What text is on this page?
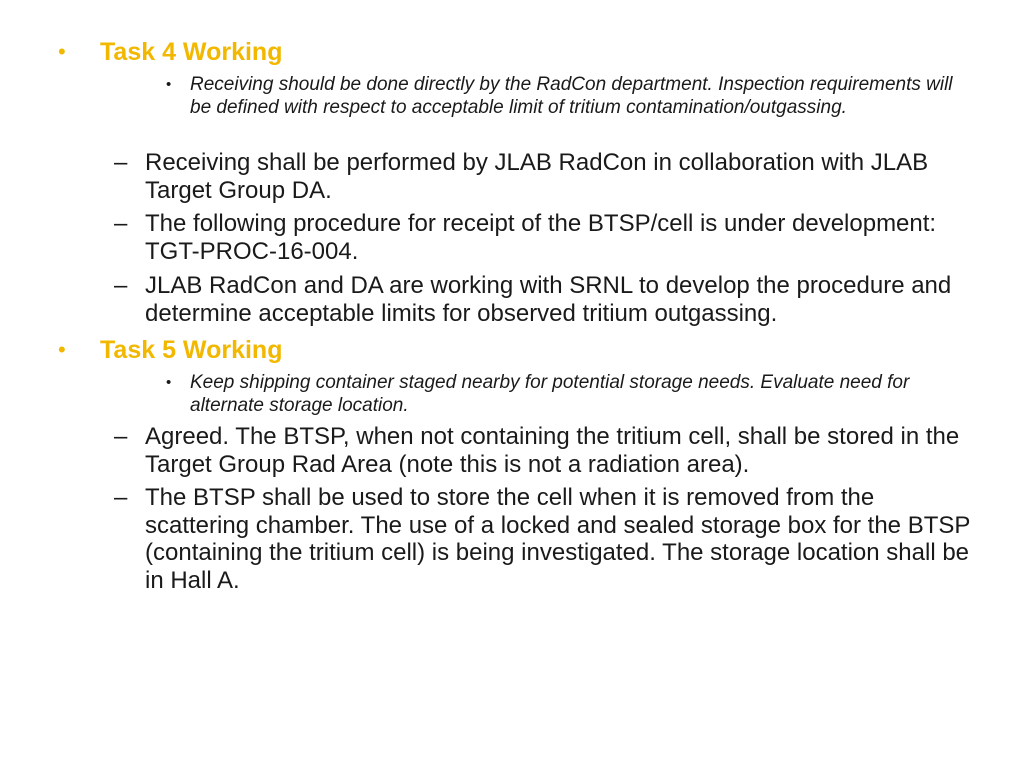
•	Task 4 Working
• Receiving should be done directly by the RadCon department. Inspection requirements will be defined with respect to acceptable limit of tritium contamination/outgassing.
– Receiving shall be performed by JLAB RadCon in collaboration with JLAB Target Group DA.
– The following procedure for receipt of the BTSP/cell is under development: TGT-PROC-16-004.
– JLAB RadCon and DA are working with SRNL to develop the procedure and determine acceptable limits for observed tritium outgassing.
•	Task 5 Working
• Keep shipping container staged nearby for potential storage needs. Evaluate need for alternate storage location.
– Agreed. The BTSP, when not containing the tritium cell, shall be stored in the Target Group Rad Area (note this is not a radiation area).
– The BTSP shall be used to store the cell when it is removed from the scattering chamber. The use of a locked and sealed storage box for the BTSP (containing the tritium cell) is being investigated. The storage location shall be in Hall A.
